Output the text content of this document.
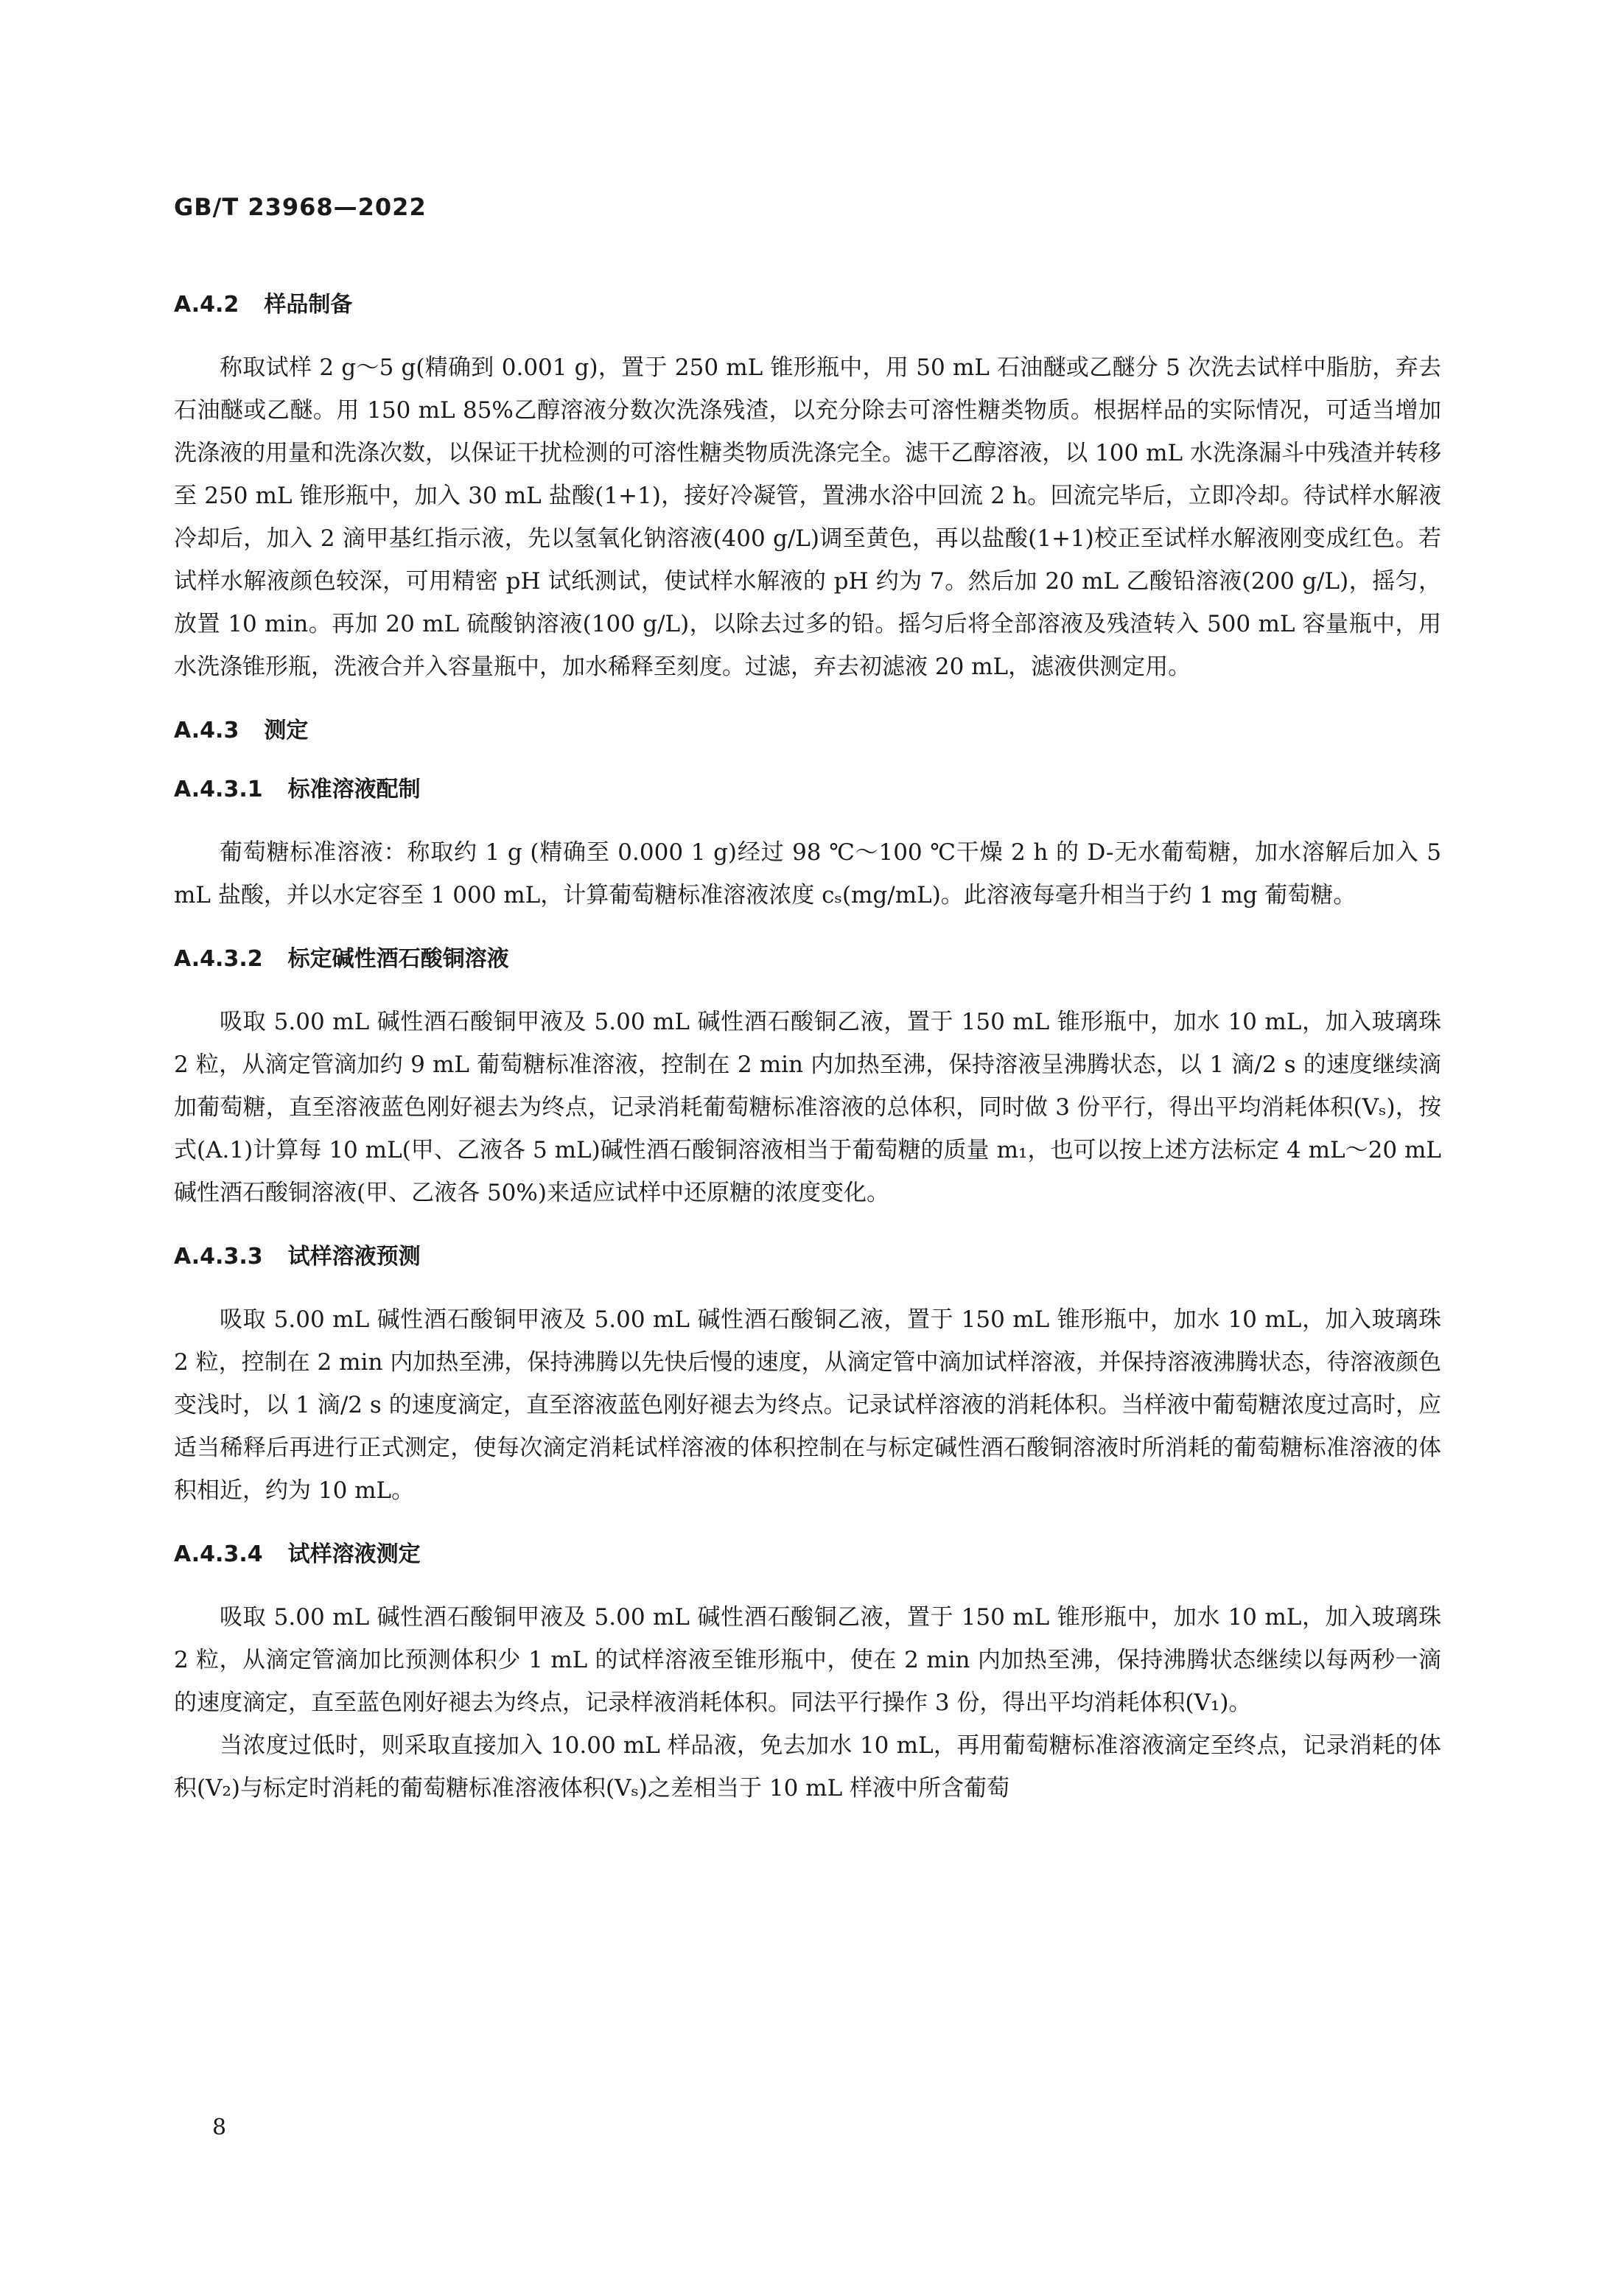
GB/T 23968—2022

A.4.2 样品制备

称取试样 2 g～5 g(精确到 0.001 g)，置于 250 mL 锥形瓶中，用 50 mL 石油醚或乙醚分 5 次洗去试样中脂肪，弃去石油醚或乙醚。用 150 mL 85%乙醇溶液分数次洗涤残渣，以充分除去可溶性糖类物质。根据样品的实际情况，可适当增加洗涤液的用量和洗涤次数，以保证干扰检测的可溶性糖类物质洗涤完全。滤干乙醇溶液，以 100 mL 水洗涤漏斗中残渣并转移至 250 mL 锥形瓶中，加入 30 mL 盐酸(1+1)，接好冷凝管，置沸水浴中回流 2 h。回流完毕后，立即冷却。待试样水解液冷却后，加入 2 滴甲基红指示液，先以氢氧化钠溶液(400 g/L)调至黄色，再以盐酸(1+1)校正至试样水解液刚变成红色。若试样水解液颜色较深，可用精密 pH 试纸测试，使试样水解液的 pH 约为 7。然后加 20 mL 乙酸铅溶液(200 g/L)，摇匀，放置 10 min。再加 20 mL 硫酸钠溶液(100 g/L)，以除去过多的铅。摇匀后将全部溶液及残渣转入 500 mL 容量瓶中，用水洗涤锥形瓶，洗液合并入容量瓶中，加水稀释至刻度。过滤，弃去初滤液 20 mL，滤液供测定用。

A.4.3 测定

A.4.3.1 标准溶液配制

葡萄糖标准溶液：称取约 1 g (精确至 0.000 1 g)经过 98 ℃～100 ℃干燥 2 h 的 D-无水葡萄糖，加水溶解后加入 5 mL 盐酸，并以水定容至 1 000 mL，计算葡萄糖标准溶液浓度 cₛ(mg/mL)。此溶液每毫升相当于约 1 mg 葡萄糖。

A.4.3.2 标定碱性酒石酸铜溶液

吸取 5.00 mL 碱性酒石酸铜甲液及 5.00 mL 碱性酒石酸铜乙液，置于 150 mL 锥形瓶中，加水 10 mL，加入玻璃珠 2 粒，从滴定管滴加约 9 mL 葡萄糖标准溶液，控制在 2 min 内加热至沸，保持溶液呈沸腾状态，以 1 滴/2 s 的速度继续滴加葡萄糖，直至溶液蓝色刚好褪去为终点，记录消耗葡萄糖标准溶液的总体积，同时做 3 份平行，得出平均消耗体积(Vₛ)，按式(A.1)计算每 10 mL(甲、乙液各 5 mL)碱性酒石酸铜溶液相当于葡萄糖的质量 m₁，也可以按上述方法标定 4 mL～20 mL 碱性酒石酸铜溶液(甲、乙液各 50%)来适应试样中还原糖的浓度变化。

A.4.3.3 试样溶液预测

吸取 5.00 mL 碱性酒石酸铜甲液及 5.00 mL 碱性酒石酸铜乙液，置于 150 mL 锥形瓶中，加水 10 mL，加入玻璃珠 2 粒，控制在 2 min 内加热至沸，保持沸腾以先快后慢的速度，从滴定管中滴加试样溶液，并保持溶液沸腾状态，待溶液颜色变浅时，以 1 滴/2 s 的速度滴定，直至溶液蓝色刚好褪去为终点。记录试样溶液的消耗体积。当样液中葡萄糖浓度过高时，应适当稀释后再进行正式测定，使每次滴定消耗试样溶液的体积控制在与标定碱性酒石酸铜溶液时所消耗的葡萄糖标准溶液的体积相近，约为 10 mL。

A.4.3.4 试样溶液测定

吸取 5.00 mL 碱性酒石酸铜甲液及 5.00 mL 碱性酒石酸铜乙液，置于 150 mL 锥形瓶中，加水 10 mL，加入玻璃珠 2 粒，从滴定管滴加比预测体积少 1 mL 的试样溶液至锥形瓶中，使在 2 min 内加热至沸，保持沸腾状态继续以每两秒一滴的速度滴定，直至蓝色刚好褪去为终点，记录样液消耗体积。同法平行操作 3 份，得出平均消耗体积(V₁)。

当浓度过低时，则采取直接加入 10.00 mL 样品液，免去加水 10 mL，再用葡萄糖标准溶液滴定至终点，记录消耗的体积(V₂)与标定时消耗的葡萄糖标准溶液体积(Vₛ)之差相当于 10 mL 样液中所含葡萄

8
